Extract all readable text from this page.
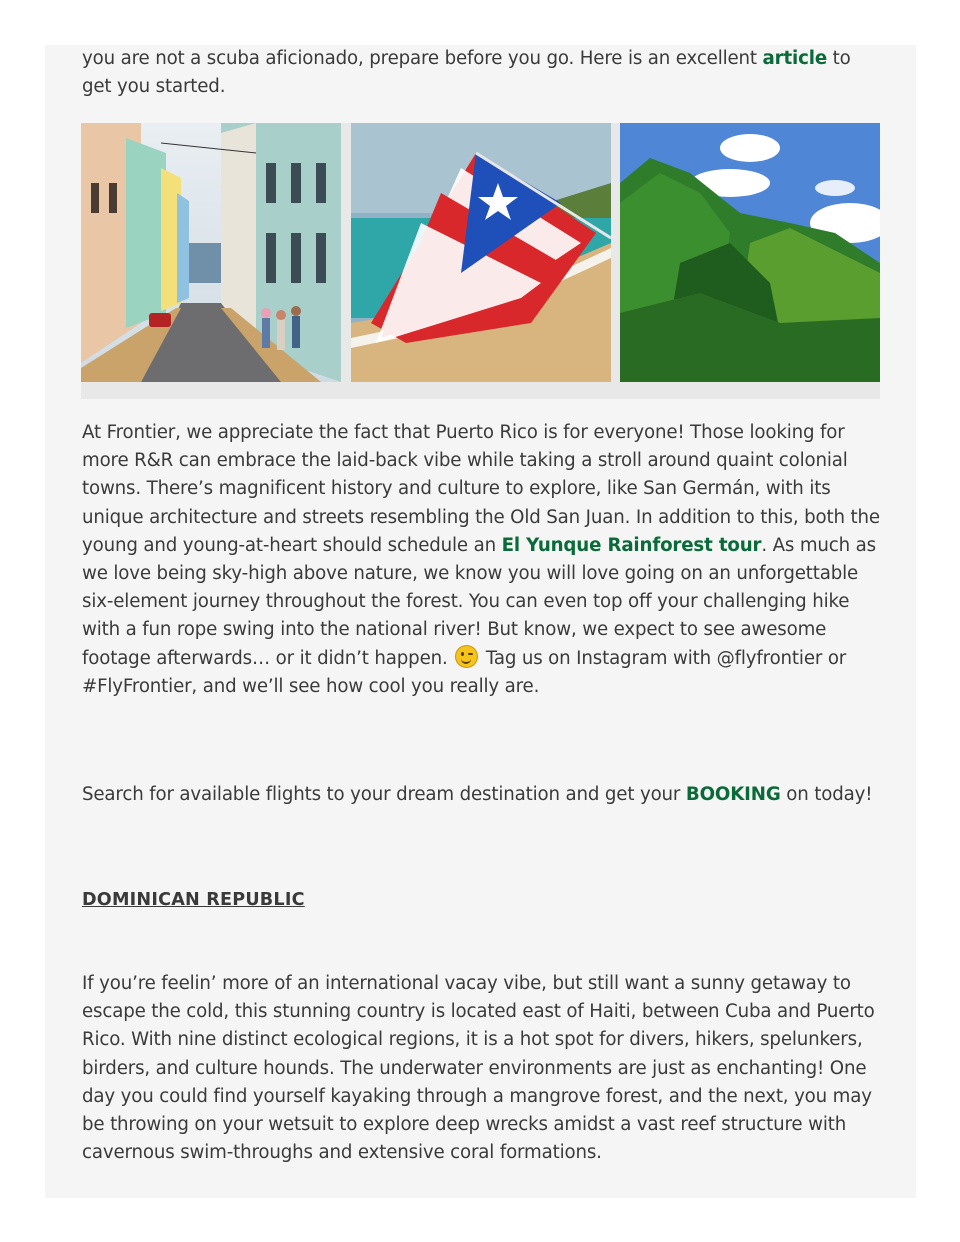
you are not a scuba aficionado, prepare before you go. Here is an excellent article to get you started.

At Frontier, we appreciate the fact that Puerto Rico is for everyone! Those looking for more R&R can embrace the laid-back vibe while taking a stroll around quaint colonial towns. There’s magnificent history and culture to explore, like San Germán, with its unique architecture and streets resembling the Old San Juan. In addition to this, both the young and young-at-heart should schedule an El Yunque Rainforest tour. As much as we love being sky-high above nature, we know you will love going on an unforgettable six-element journey throughout the forest. You can even top off your challenging hike with a fun rope swing into the national river! But know, we expect to see awesome footage afterwards… or it didn’t happen.
Tag us on Instagram with @flyfrontier or #FlyFrontier, and we’ll see how cool you really are.

Search for available flights to your dream destination and get your BOOKING on today!

DOMINICAN REPUBLIC

If you’re feelin’ more of an international vacay vibe, but still want a sunny getaway to escape the cold, this stunning country is located east of Haiti, between Cuba and Puerto Rico. With nine distinct ecological regions, it is a hot spot for divers, hikers, spelunkers, birders, and culture hounds. The underwater environments are just as enchanting! One day you could find yourself kayaking through a mangrove forest, and the next, you may be throwing on your wetsuit to explore deep wrecks amidst a vast reef structure with cavernous swim-throughs and extensive coral formations.
